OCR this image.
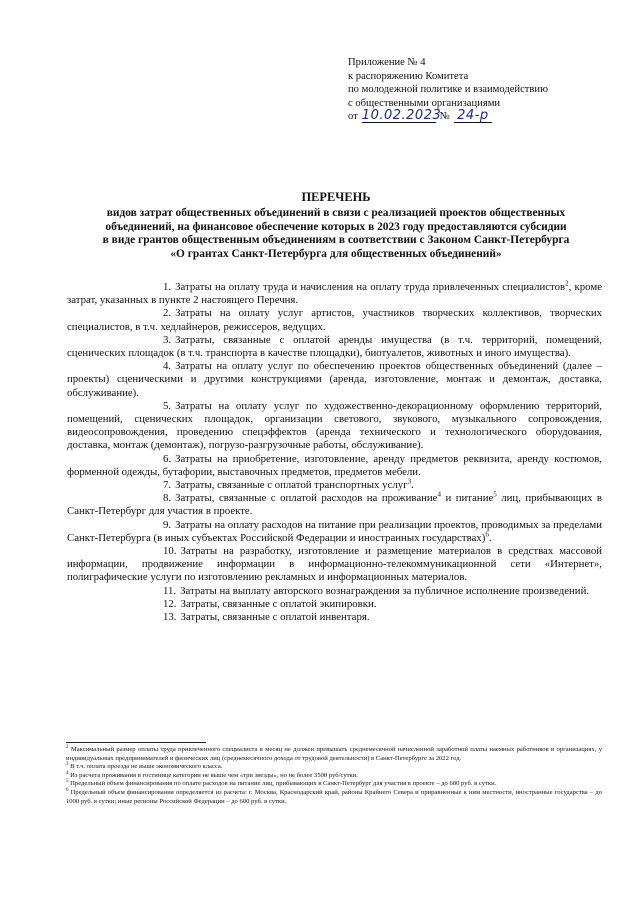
Приложение № 4
к распоряжению Комитета
по молодежной политике и взаимодействию
с общественными организациями
от 10.02.2023
№ 24-р
ПЕРЕЧЕНЬ
видов затрат общественных объединений в связи с реализацией проектов общественных
объединений, на финансовое обеспечение которых в 2023 году предоставляются субсидии
в виде грантов общественным объединениям в соответствии с Законом Санкт-Петербурга
«О грантах Санкт-Петербурга для общественных объединений»

1. Затраты на оплату труда и начисления на оплату труда привлеченных специалистов$^2$, кроме затрат, указанных в пункте 2 настоящего Перечня.

2. Затраты на оплату услуг артистов, участников творческих коллективов, творческих специалистов, в т.ч. хедлайнеров, режиссеров, ведущих.

3. Затраты, связанные с оплатой аренды имущества (в т.ч. территорий, помещений, сценических площадок (в т.ч. транспорта в качестве площадки), биотуалетов, животных и иного имущества).

4. Затраты на оплату услуг по обеспечению проектов общественных объединений (далее – проекты) сценическими и другими конструкциями (аренда, изготовление, монтаж и демонтаж, доставка, обслуживание).

5. Затраты на оплату услуг по художественно-декорационному оформлению территорий, помещений, сценических площадок, организации светового, звукового, музыкального сопровождения, видеосопровождения, проведению спецэффектов (аренда технического и технологического оборудования, доставка, монтаж (демонтаж), погрузо-разгрузочные работы, обслуживание).

6. Затраты на приобретение, изготовление, аренду предметов реквизита, аренду костюмов, форменной одежды, бутафории, выставочных предметов, предметов мебели.

7. Затраты, связанные с оплатой транспортных услуг$^3$.

8. Затраты, связанные с оплатой расходов на проживание$^4$ и питание$^5$ лиц, прибывающих в Санкт-Петербург для участия в проекте.

9. Затраты на оплату расходов на питание при реализации проектов, проводимых за пределами Санкт-Петербурга (в иных субъектах Российской Федерации и иностранных государствах)$^6$.

10. Затраты на разработку, изготовление и размещение материалов в средствах массовой информации, продвижение информации в информационно-телекоммуникационной сети «Интернет», полиграфические услуги по изготовлению рекламных и информационных материалов.

11. Затраты на выплату авторского вознаграждения за публичное исполнение произведений.

12. Затраты, связанные с оплатой экипировки.

13. Затраты, связанные с оплатой инвентаря.

$^2$ Максимальный размер оплаты труда привлеченного специалиста в месяц не должен превышать среднемесячной начисленной заработной платы наемных работников в организациях, у индивидуальных предпринимателей и физических лиц (среднемесячного дохода от трудовой деятельности) в Санкт-Петербурге за 2022 год.

$^3$ В т.ч. оплата проезда не выше экономического класса.

$^4$ Из расчета проживания в гостинице категории не выше чем «три звезды», но не более 3500 руб/сутки.

$^5$ Предельный объем финансирования по оплате расходов на питание лиц, прибывающих в Санкт-Петербург для участия в проекте – до 600 руб. в сутки.

$^6$ Предельный объем финансирования определяется из расчета: г. Москва, Краснодарский край, районы Крайнего Севера и приравненные к ним местности, иностранные государства – до 1000 руб. в сутки; иные регионы Российской Федерации – до 600 руб. в сутки.
